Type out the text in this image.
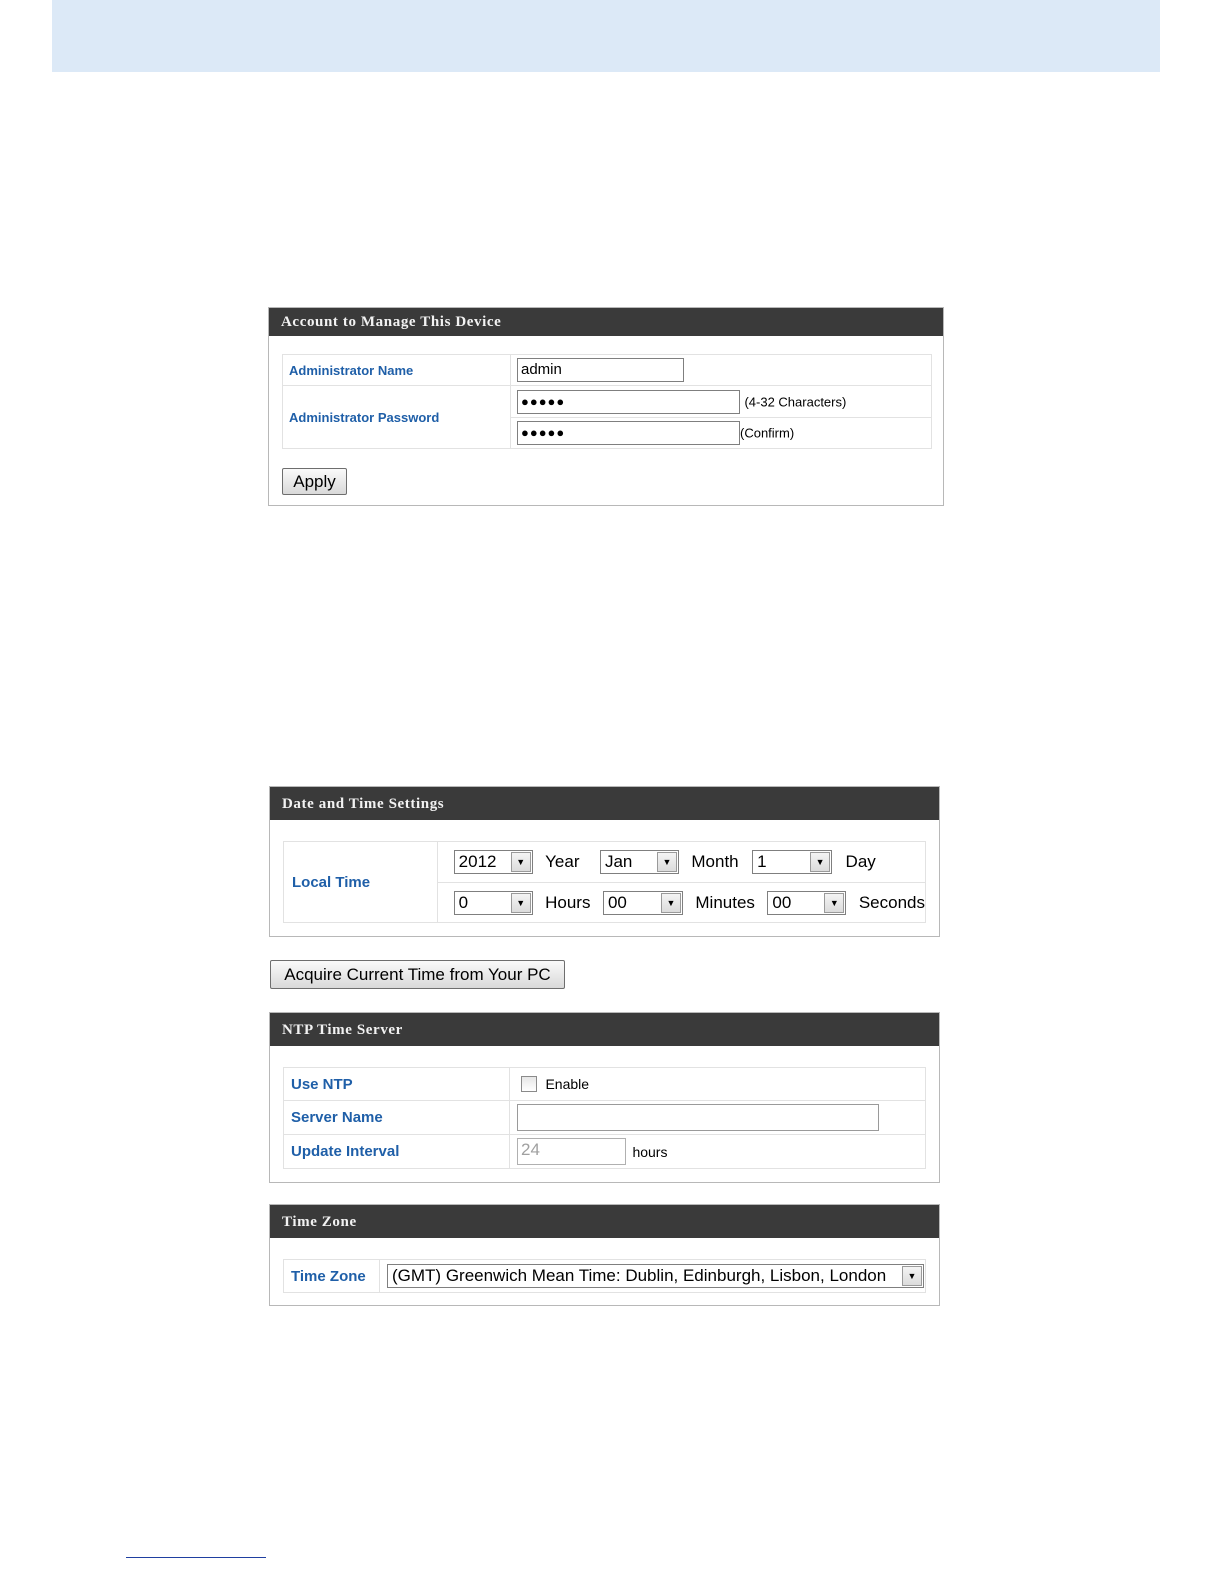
Account to Manage This Device
Administrator Name	admin
Administrator Password	●●●●● (4-32 Characters)
	●●●●● (Confirm)
Apply
Date and Time Settings
Local Time	
2012	▼	Year Jan	▼	Month 1	▼	Day

0	▼	Hours 00	▼	Minutes 00	▼	Seconds
Acquire Current Time from Your PC
NTP Time Server
Use NTP	Enable
Server Name	
Update Interval	24 hours
Time Zone
Time Zone	(GMT) Greenwich Mean Time: Dublin, Edinburgh, Lisbon, London	▼
